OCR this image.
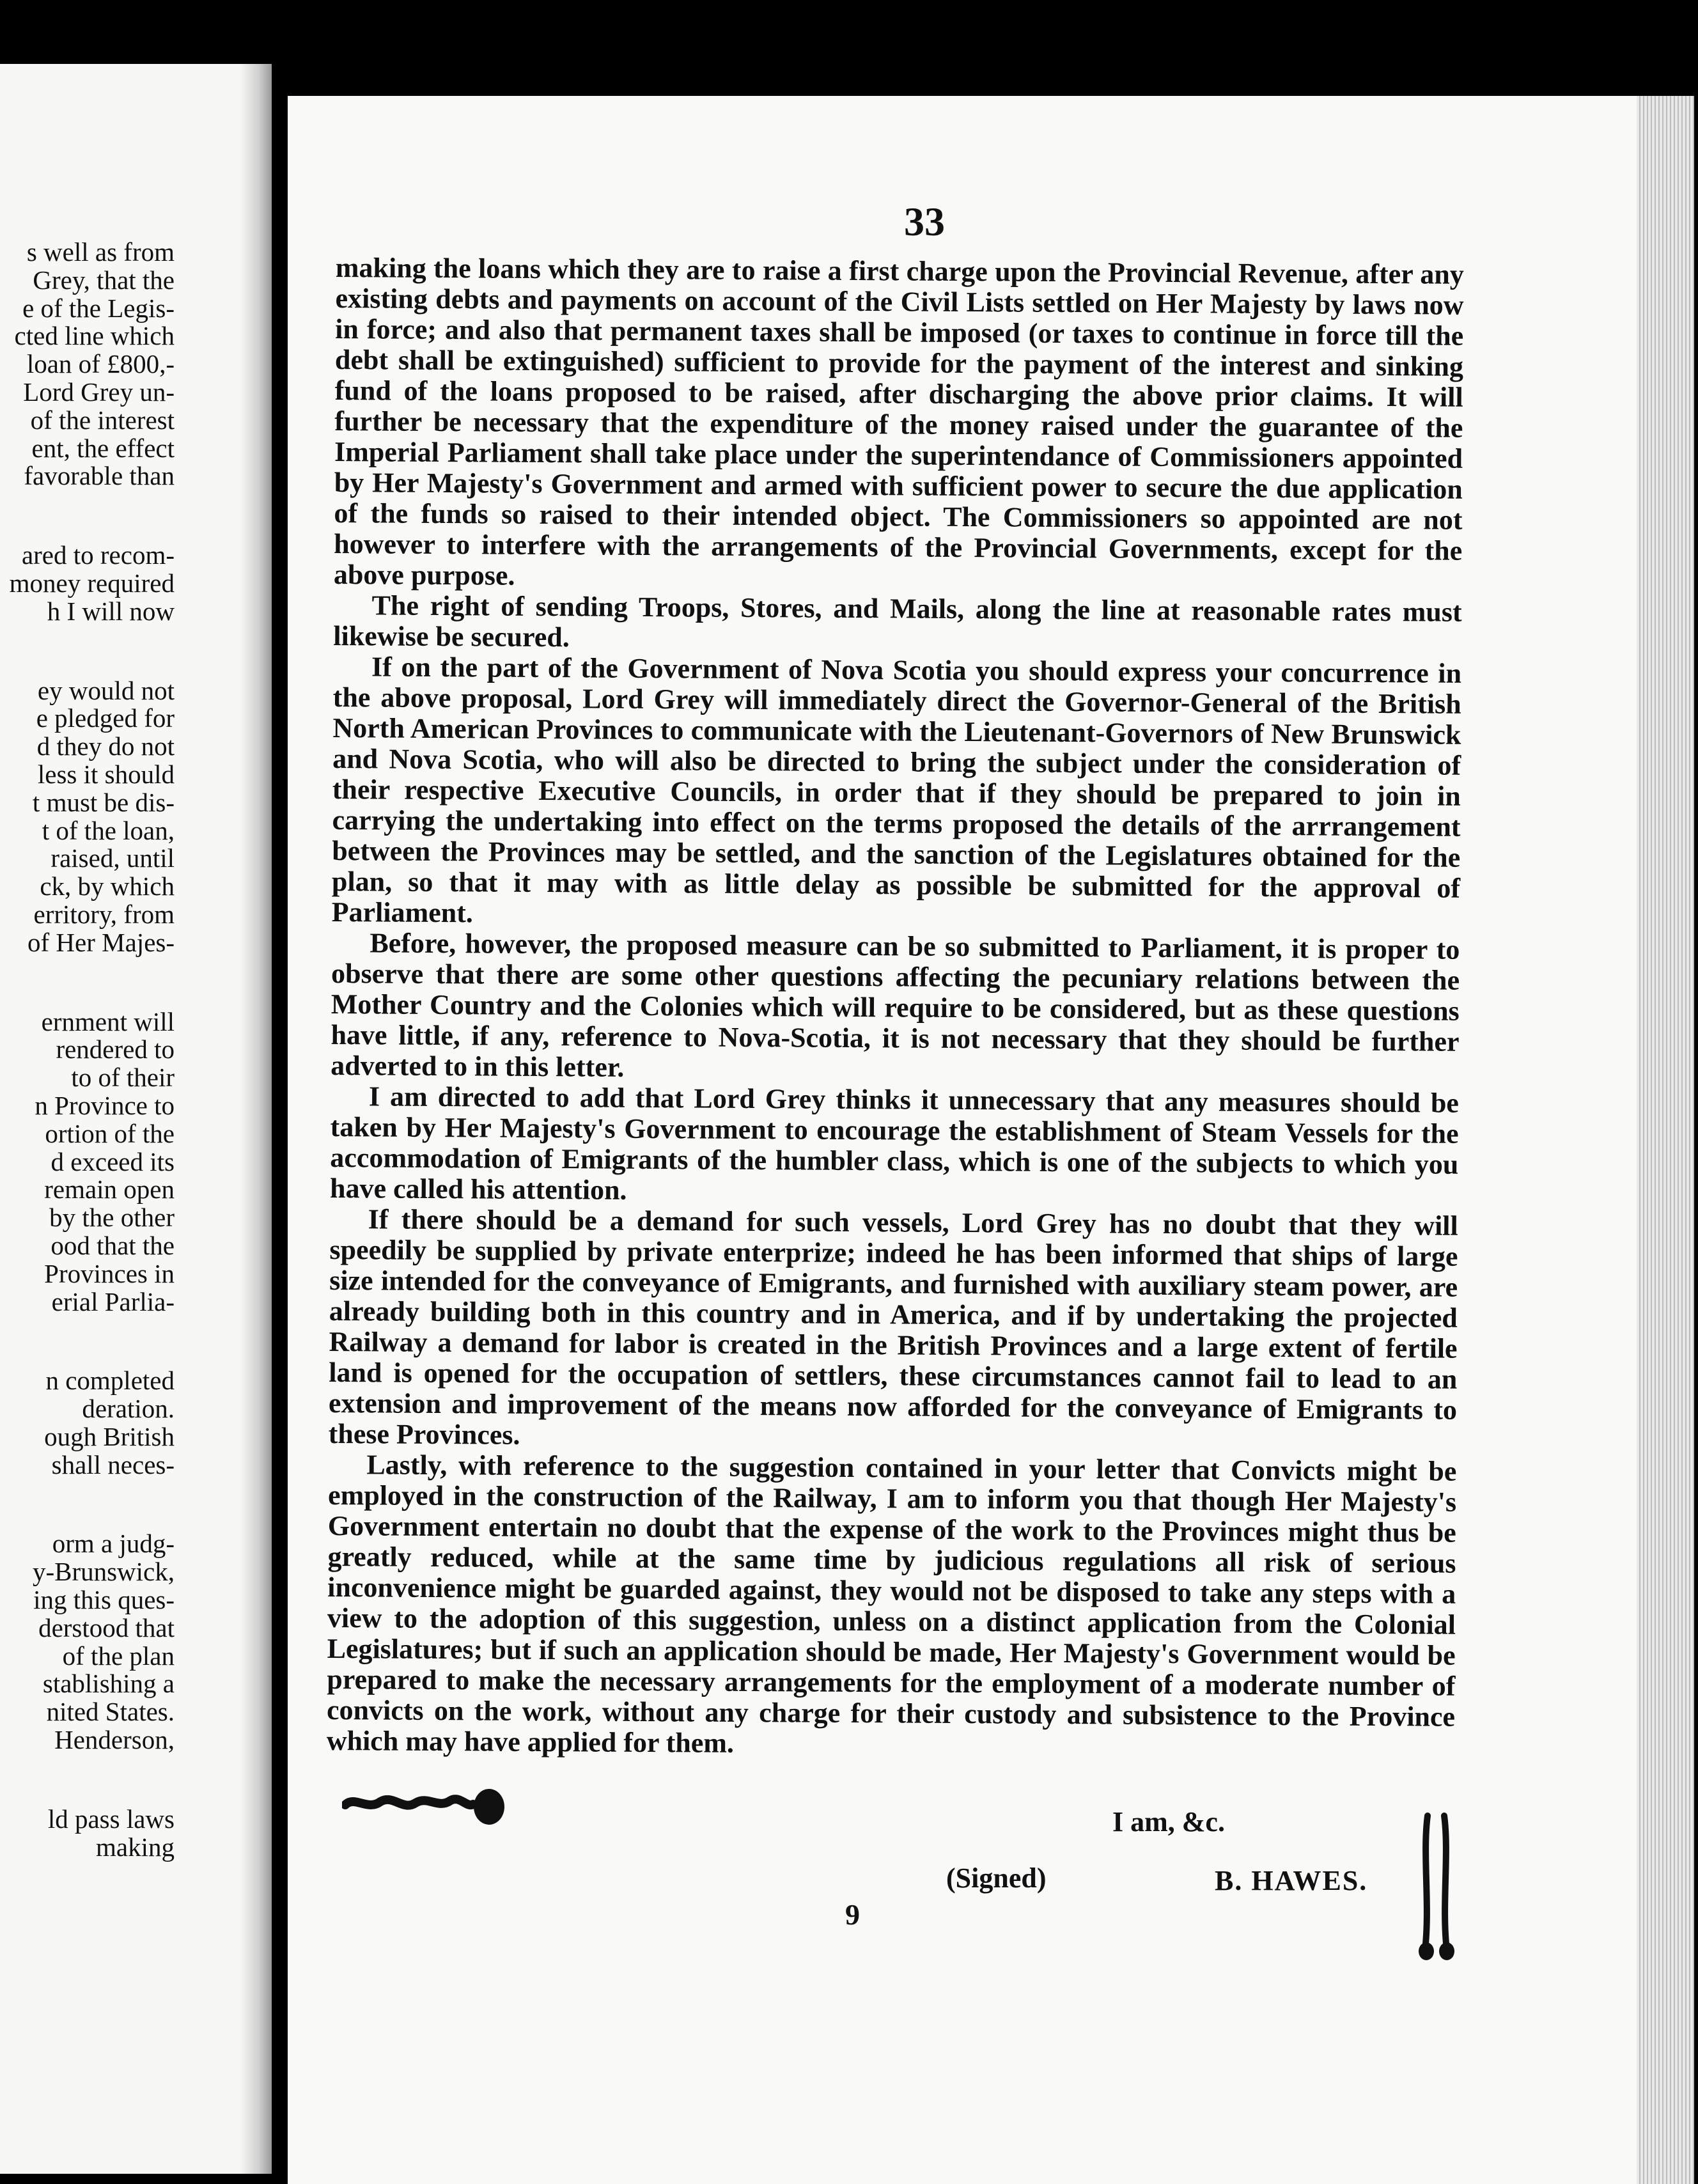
s well as from
Grey, that the
e of the Legis-
cted line which
loan of £800,-
Lord Grey un-
of the interest
ent, the effect
favorable than
ared to recom-
money required
h I will now
ey would not
e pledged for
d they do not
less it should
t must be dis-
t of the loan,
raised, until
ck, by which
erritory, from
of Her Majes-
ernment will
rendered to
to of their
n Province to
ortion of the
d exceed its
remain open
by the other
ood that the
Provinces in
erial Parlia-
n completed
deration.
ough British
shall neces-
orm a judg-
y-Brunswick,
ing this ques-
derstood that
of the plan
stablishing a
nited States.
Henderson,
ld pass laws
making
33

making the loans which they are to raise a first charge upon the Provincial Revenue, after any existing debts and payments on account of the Civil Lists settled on Her Majesty by laws now in force; and also that permanent taxes shall be imposed (or taxes to continue in force till the debt shall be extinguished) sufficient to provide for the payment of the interest and sinking fund of the loans proposed to be raised, after discharging the above prior claims. It will further be necessary that the expenditure of the money raised under the guarantee of the Imperial Parliament shall take place under the superintendance of Commissioners appointed by Her Majesty's Government and armed with sufficient power to secure the due application of the funds so raised to their intended object. The Commissioners so appointed are not however to interfere with the arrangements of the Provincial Governments, except for the above purpose.

The right of sending Troops, Stores, and Mails, along the line at reasonable rates must likewise be secured.

If on the part of the Government of Nova Scotia you should express your concurrence in the above proposal, Lord Grey will immediately direct the Governor-General of the British North American Provinces to communicate with the Lieutenant-Governors of New Brunswick and Nova Scotia, who will also be directed to bring the subject under the consideration of their respective Executive Councils, in order that if they should be prepared to join in carrying the undertaking into effect on the terms proposed the details of the arrrangement between the Provinces may be settled, and the sanction of the Legislatures obtained for the plan, so that it may with as little delay as possible be submitted for the approval of Parliament.

Before, however, the proposed measure can be so submitted to Parliament, it is proper to observe that there are some other questions affecting the pecuniary relations between the Mother Country and the Colonies which will require to be considered, but as these questions have little, if any, reference to Nova-Scotia, it is not necessary that they should be further adverted to in this letter.

I am directed to add that Lord Grey thinks it unnecessary that any measures should be taken by Her Majesty's Government to encourage the establishment of Steam Vessels for the accommodation of Emigrants of the humbler class, which is one of the subjects to which you have called his attention.

If there should be a demand for such vessels, Lord Grey has no doubt that they will speedily be supplied by private enterprize; indeed he has been informed that ships of large size intended for the conveyance of Emigrants, and furnished with auxiliary steam power, are already building both in this country and in America, and if by undertaking the projected Railway a demand for labor is created in the British Provinces and a large extent of fertile land is opened for the occupation of settlers, these circumstances cannot fail to lead to an extension and improvement of the means now afforded for the conveyance of Emigrants to these Provinces.

Lastly, with reference to the suggestion contained in your letter that Convicts might be employed in the construction of the Railway, I am to inform you that though Her Majesty's Government entertain no doubt that the expense of the work to the Provinces might thus be greatly reduced, while at the same time by judicious regulations all risk of serious inconvenience might be guarded against, they would not be disposed to take any steps with a view to the adoption of this suggestion, unless on a distinct application from the Colonial Legislatures; but if such an application should be made, Her Majesty's Government would be prepared to make the necessary arrangements for the employment of a moderate number of convicts on the work, without any charge for their custody and subsistence to the Province which may have applied for them.

I am, &c.
(Signed)	B. HAWES.
9
